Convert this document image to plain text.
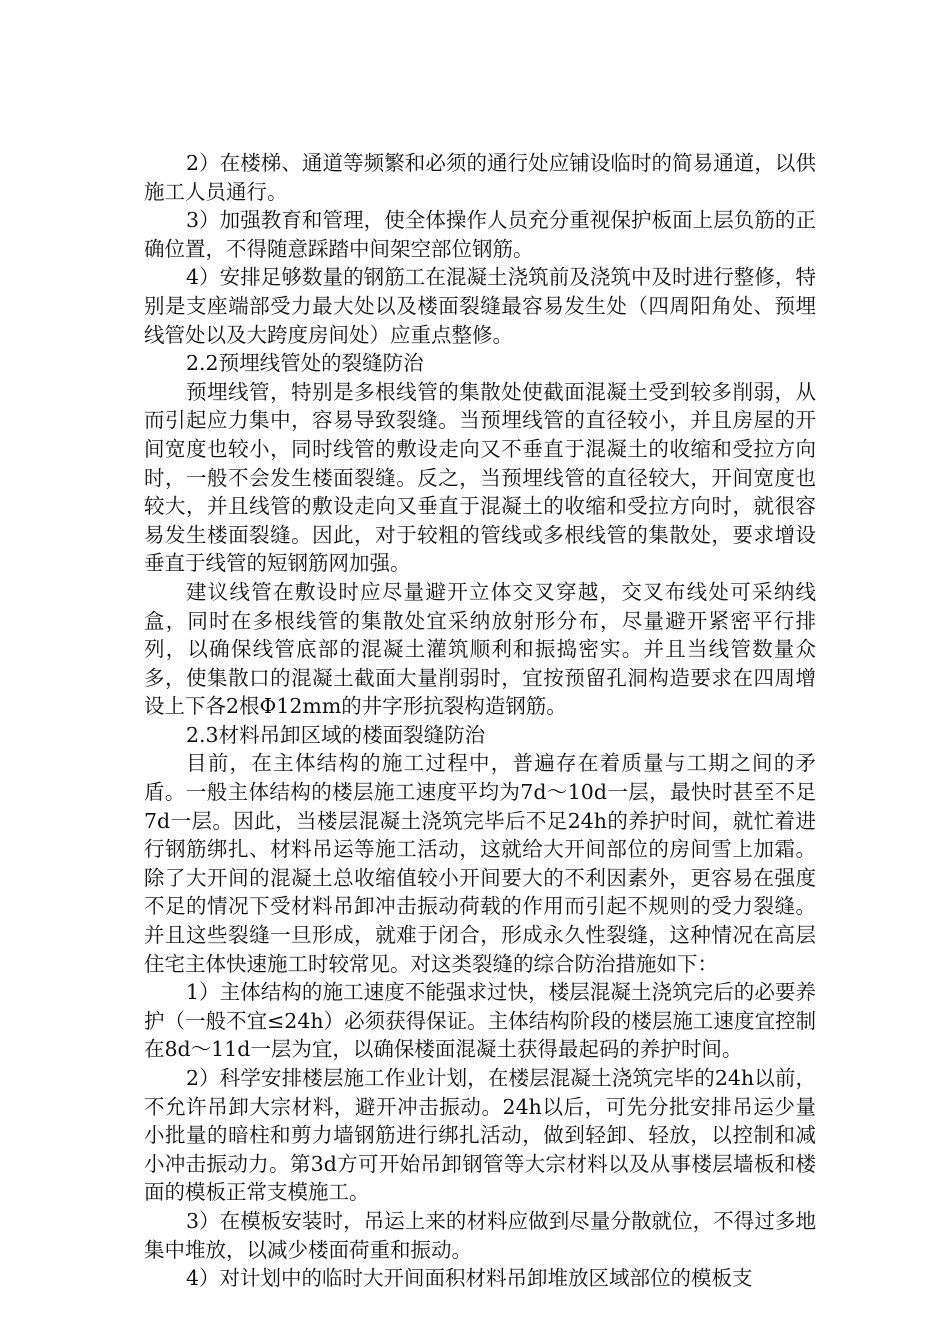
2）在楼梯、通道等频繁和必须的通行处应铺设临时的简易通道，以供施工人员通行。

3）加强教育和管理，使全体操作人员充分重视保护板面上层负筋的正确位置，不得随意踩踏中间架空部位钢筋。

4）安排足够数量的钢筋工在混凝土浇筑前及浇筑中及时进行整修，特别是支座端部受力最大处以及楼面裂缝最容易发生处（四周阳角处、预埋线管处以及大跨度房间处）应重点整修。

2.2预埋线管处的裂缝防治

预埋线管，特别是多根线管的集散处使截面混凝土受到较多削弱，从而引起应力集中，容易导致裂缝。当预埋线管的直径较小，并且房屋的开间宽度也较小，同时线管的敷设走向又不垂直于混凝土的收缩和受拉方向时，一般不会发生楼面裂缝。反之，当预埋线管的直径较大，开间宽度也较大，并且线管的敷设走向又垂直于混凝土的收缩和受拉方向时，就很容易发生楼面裂缝。因此，对于较粗的管线或多根线管的集散处，要求增设垂直于线管的短钢筋网加强。

建议线管在敷设时应尽量避开立体交叉穿越，交叉布线处可采纳线盒，同时在多根线管的集散处宜采纳放射形分布，尽量避开紧密平行排列，以确保线管底部的混凝土灌筑顺利和振捣密实。并且当线管数量众多，使集散口的混凝土截面大量削弱时，宜按预留孔洞构造要求在四周增设上下各2根Φ12mm的井字形抗裂构造钢筋。

2.3材料吊卸区域的楼面裂缝防治

目前，在主体结构的施工过程中，普遍存在着质量与工期之间的矛盾。一般主体结构的楼层施工速度平均为7d～10d一层，最快时甚至不足7d一层。因此，当楼层混凝土浇筑完毕后不足24h的养护时间，就忙着进行钢筋绑扎、材料吊运等施工活动，这就给大开间部位的房间雪上加霜。除了大开间的混凝土总收缩值较小开间要大的不利因素外，更容易在强度不足的情况下受材料吊卸冲击振动荷载的作用而引起不规则的受力裂缝。并且这些裂缝一旦形成，就难于闭合，形成永久性裂缝，这种情况在高层住宅主体快速施工时较常见。对这类裂缝的综合防治措施如下：

1）主体结构的施工速度不能强求过快，楼层混凝土浇筑完后的必要养护（一般不宜≤24h）必须获得保证。主体结构阶段的楼层施工速度宜控制在8d～11d一层为宜，以确保楼面混凝土获得最起码的养护时间。

2）科学安排楼层施工作业计划，在楼层混凝土浇筑完毕的24h以前，不允许吊卸大宗材料，避开冲击振动。24h以后，可先分批安排吊运少量小批量的暗柱和剪力墙钢筋进行绑扎活动，做到轻卸、轻放，以控制和减小冲击振动力。第3d方可开始吊卸钢管等大宗材料以及从事楼层墙板和楼面的模板正常支模施工。

3）在模板安装时，吊运上来的材料应做到尽量分散就位，不得过多地集中堆放，以减少楼面荷重和振动。

4）对计划中的临时大开间面积材料吊卸堆放区域部位的模板支
